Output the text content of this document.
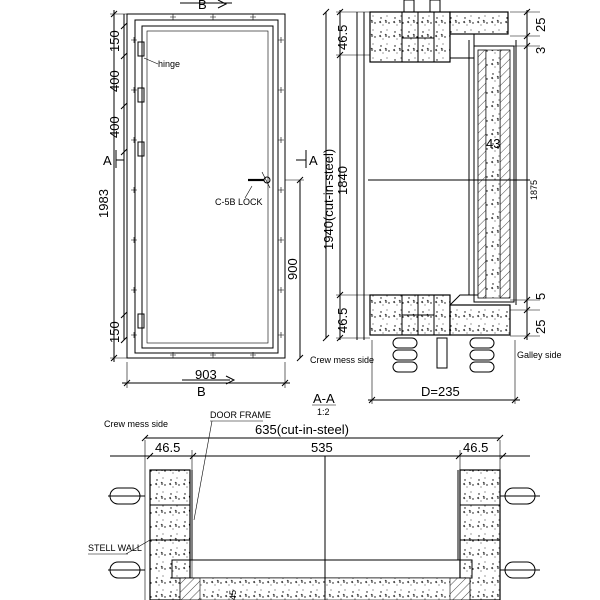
hinge
C-5B LOCK
B
B
A	A
903
1983
150
400
400
150
900
46.5
1840
46.5
1940(cut-in-steel)
25
3
1875
5
25
43
D=235
Crew mess side	Galley side
A-A
1:2
Crew mess side
DOOR FRAME
635(cut-in-steel)
46.5	535	46.5
45
STELL WALL
